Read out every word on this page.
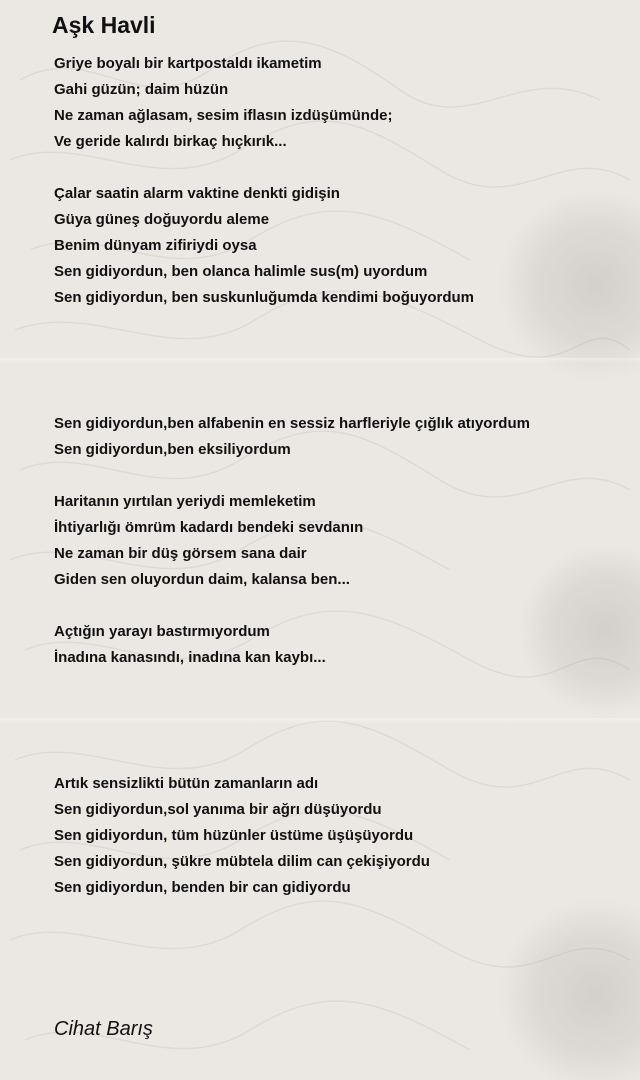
Aşk Havli
Griye boyalı bir kartpostaldı ikametim
Gahi güzün; daim hüzün
Ne zaman ağlasam, sesim iflasın izdüşümünde;
Ve geride kalırdı birkaç hıçkırık...
Çalar saatin alarm vaktine denkti gidişin
Güya güneş doğuyordu aleme
Benim dünyam zifiriydi oysa
Sen gidiyordun, ben olanca halimle sus(m) uyordum
Sen gidiyordun, ben suskunluğumda kendimi boğuyordum
Sen gidiyordun,ben alfabenin en sessiz harfleriyle çığlık atıyordum
Sen gidiyordun,ben eksiliyordum
Haritanın yırtılan yeriydi memleketim
İhtiyarlığı ömrüm kadardı bendeki sevdanın
Ne zaman bir düş görsem sana dair
Giden sen oluyordun daim, kalansa ben...
Açtığın yarayı bastırmıyordum
İnadına kanasındı, inadına kan kaybı...
Artık sensizlikti bütün zamanların adı
Sen gidiyordun,sol yanıma bir ağrı düşüyordu
Sen gidiyordun, tüm hüzünler üstüme üşüşüyordu
Sen gidiyordun, şükre mübtela dilim can çekişiyordu
Sen gidiyordun, benden bir can gidiyordu
Cihat Barış
